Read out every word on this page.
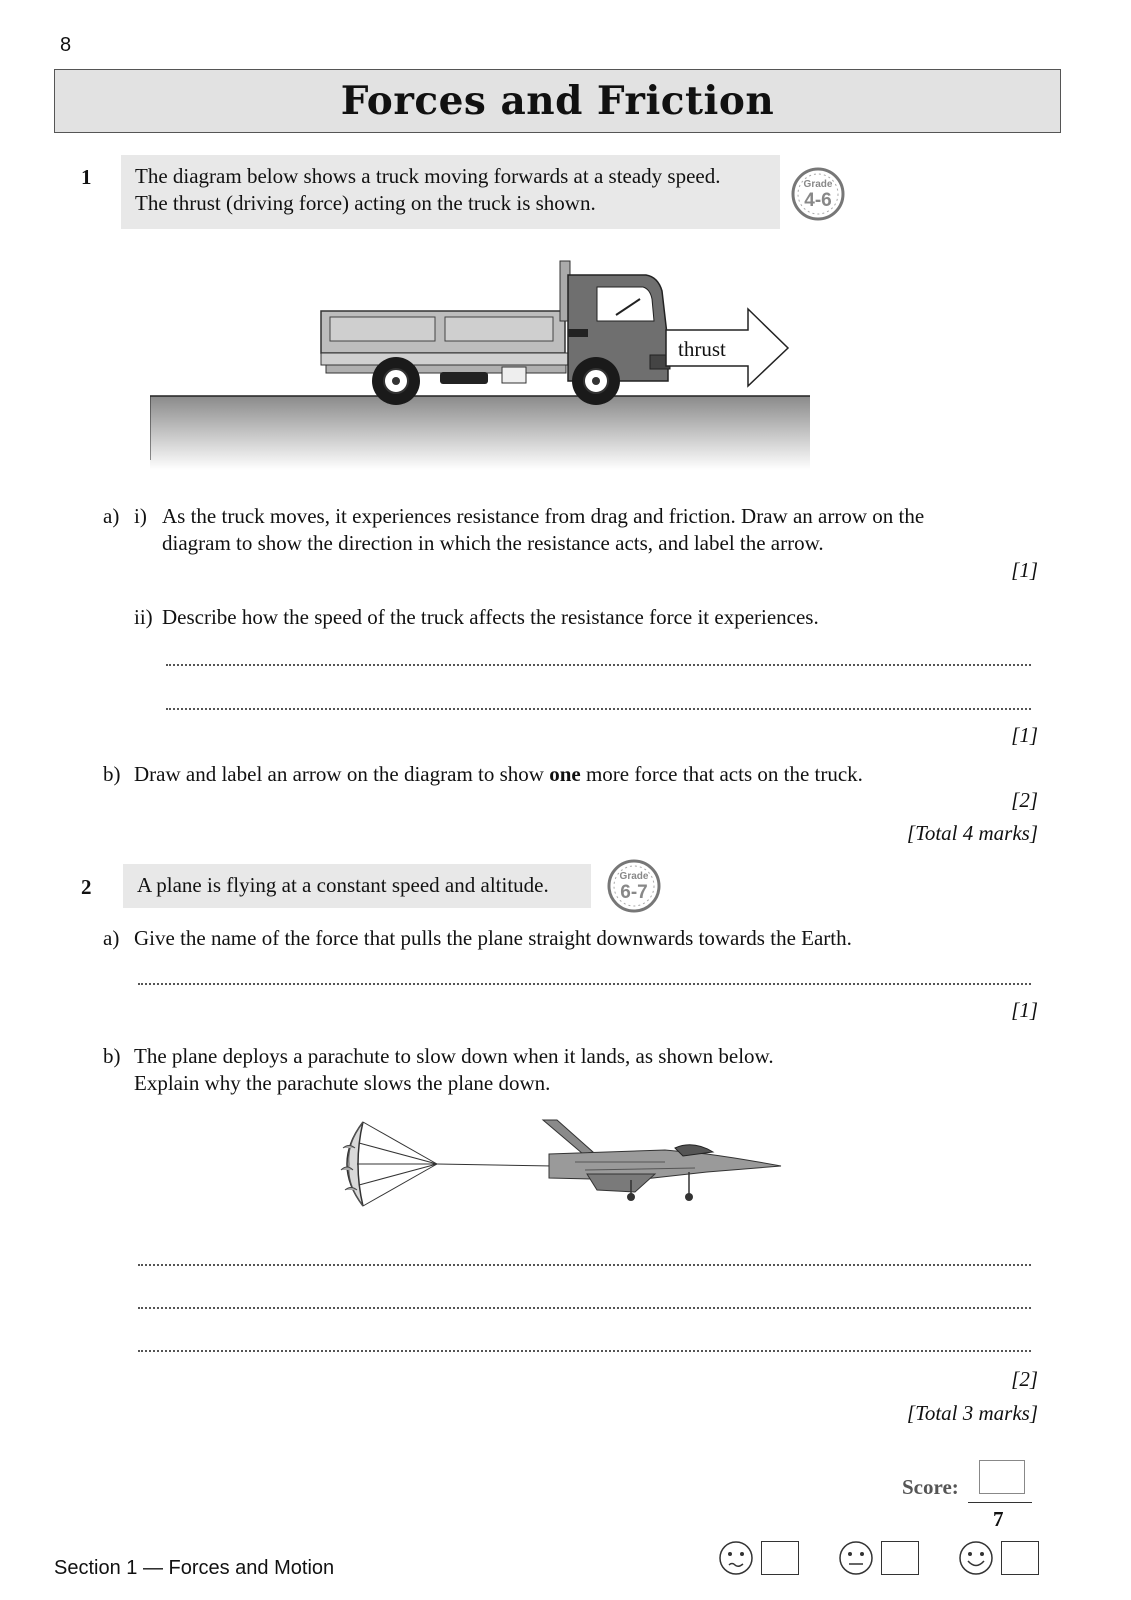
8
Forces and Friction
1 The diagram below shows a truck moving forwards at a steady speed.
The thrust (driving force) acting on the truck is shown.
Grade
4-6
thrust
a) i) As the truck moves, it experiences resistance from drag and friction. Draw an arrow on the
diagram to show the direction in which the resistance acts, and label the arrow.
[1]
ii) Describe how the speed of the truck affects the resistance force it experiences.
[1]
b) Draw and label an arrow on the diagram to show one more force that acts on the truck.
[2]
[Total 4 marks]
2 A plane is flying at a constant speed and altitude.	Grade
6-7
a) Give the name of the force that pulls the plane straight downwards towards the Earth.
[1]
b) The plane deploys a parachute to slow down when it lands, as shown below.
Explain why the parachute slows the plane down.
[2]
[Total 3 marks]
Score:
7
Section 1 — Forces and Motion
